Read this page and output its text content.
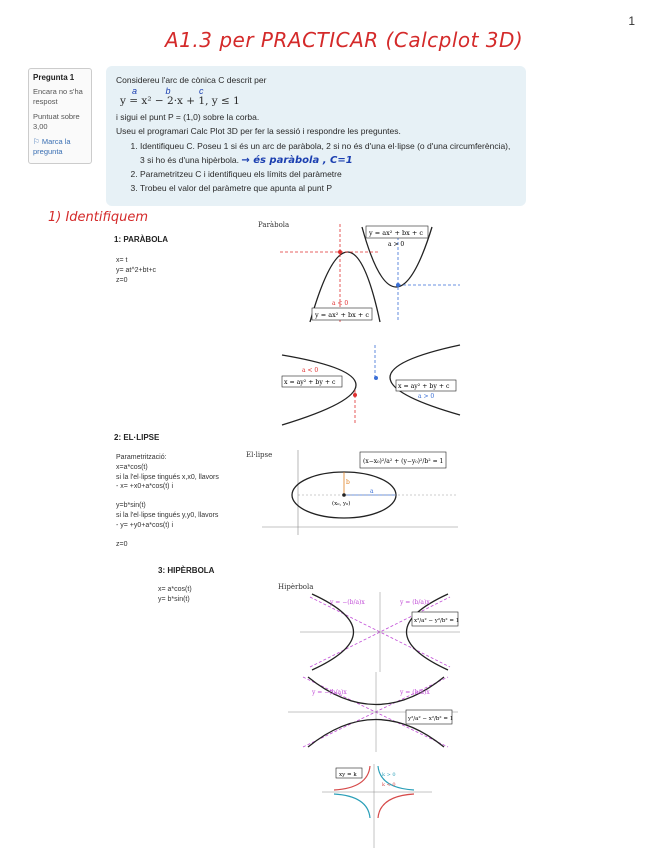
1
A1.3 per PRACTICAR (Calcplot 3D)
Pregunta 1
Encara no s'ha respost
Puntuat sobre 3,00
⚐ Marca la pregunta
Considereu l'arc de cònica C descrit per
a b c
y = x² − 2·x + 1, y ≤ 1
i sigui el punt P = (1,0) sobre la corba.
Useu el programari Calc Plot 3D per fer la sessió i respondre les preguntes.
1. Identifiqueu C. Poseu 1 si és un arc de paràbola, 2 si no és d'una el·lipse (o d'una circumferència), 3 si ho és d'una hipèrbola. → és paràbola , C=1
2. Parametritzeu C i identifiqueu els límits del paràmetre
3. Trobeu el valor del paràmetre que apunta al punt P
1) Identifiquem
1: PARÀBOLA
x= t
y= at^2+bt+c
z=0
Paràbola
y = ax² + bx + c
a > 0
y = ax² + bx + c
a < 0
x = ay² + by + c
a < 0
x = ay² + by + c
a > 0
2: EL·LIPSE
Parametrització:
x=a*cos(t)
si la l'el·lipse tingués x,x0, llavors
- x= +x0+a*cos(t) i
y=b*sin(t)
si la l'el·lipse tingués y,y0, llavors
- y= +y0+a*cos(t) i
z=0
El·lipse
(x₀, y₀)
a
b
(x−x₀)²/a² + (y−y₀)²/b² = 1
3: HIPÈRBOLA
x= a*cos(t)
y= b*sin(t)
Hipèrbola
y = −(b/a)x	y = (b/a)x
x²/a² − y²/b² = 1
y = −(b/a)x	y = (b/a)x
y²/a² − x²/b² = 1
xy = k	k > 0
k < 0
